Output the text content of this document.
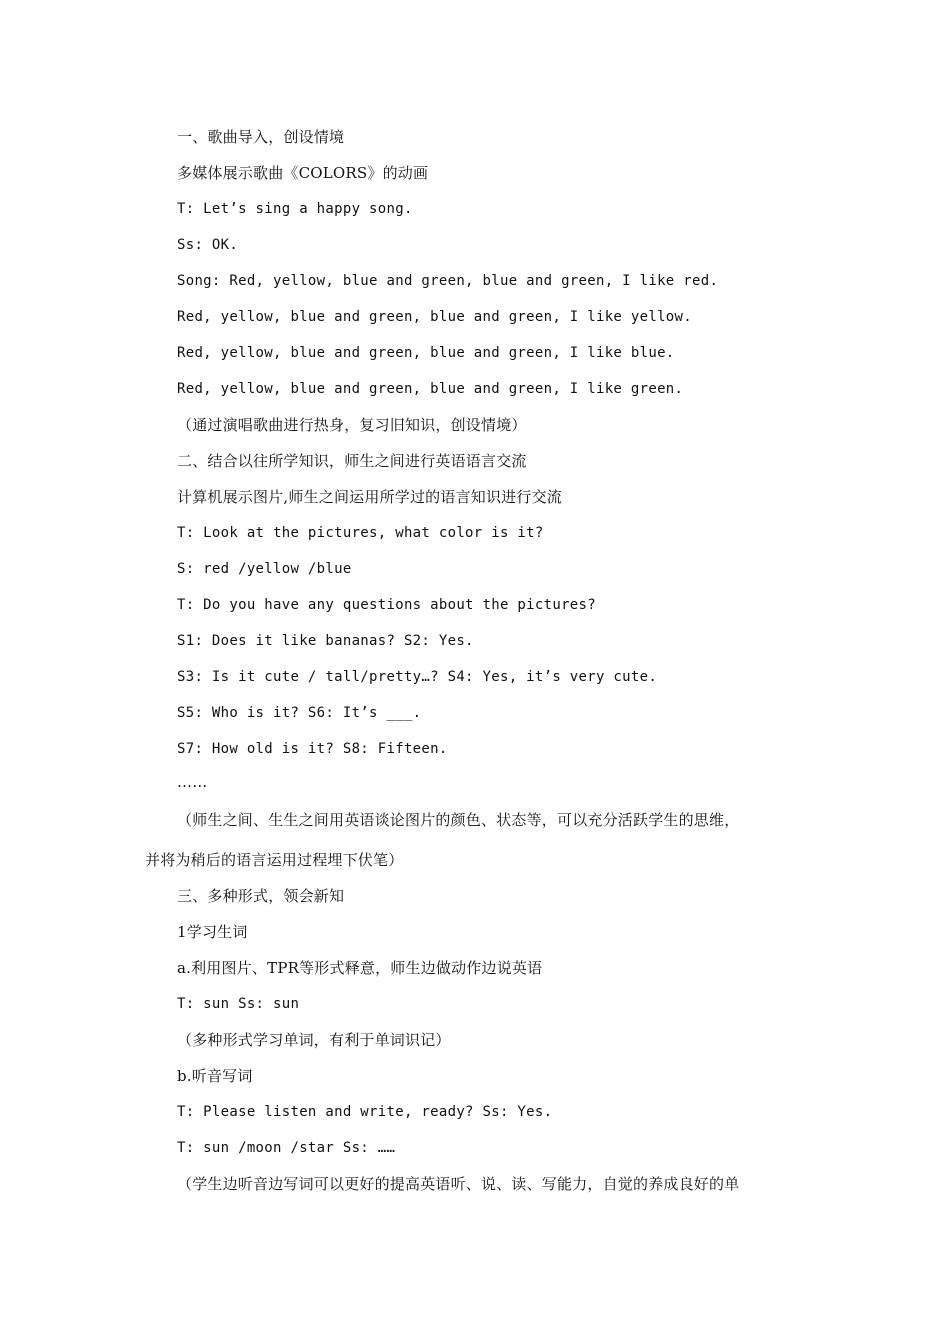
一、歌曲导入，创设情境

多媒体展示歌曲《COLORS》的动画

T: Let’s sing a happy song.

Ss: OK.

Song: Red, yellow, blue and green, blue and green, I like red.

Red, yellow, blue and green, blue and green, I like yellow.

Red, yellow, blue and green, blue and green, I like blue.

Red, yellow, blue and green, blue and green, I like green.

（通过演唱歌曲进行热身，复习旧知识，创设情境）

二、结合以往所学知识，师生之间进行英语语言交流

计算机展示图片,师生之间运用所学过的语言知识进行交流

T: Look at the pictures, what color is it?

S: red /yellow /blue

T: Do you have any questions about the pictures?

S1: Does it like bananas? S2: Yes.

S3: Is it cute / tall/pretty…? S4: Yes, it’s very cute.

S5: Who is it? S6: It’s ___.

S7: How old is it? S8: Fifteen.

……

（师生之间、生生之间用英语谈论图片的颜色、状态等，可以充分活跃学生的思维，

并将为稍后的语言运用过程埋下伏笔）

三、多种形式，领会新知

1学习生词

a.利用图片、TPR等形式释意，师生边做动作边说英语

T: sun Ss: sun

（多种形式学习单词，有利于单词识记）

b.听音写词

T: Please listen and write, ready? Ss: Yes.

T: sun /moon /star Ss: ……

（学生边听音边写词可以更好的提高英语听、说、读、写能力，自觉的养成良好的单
